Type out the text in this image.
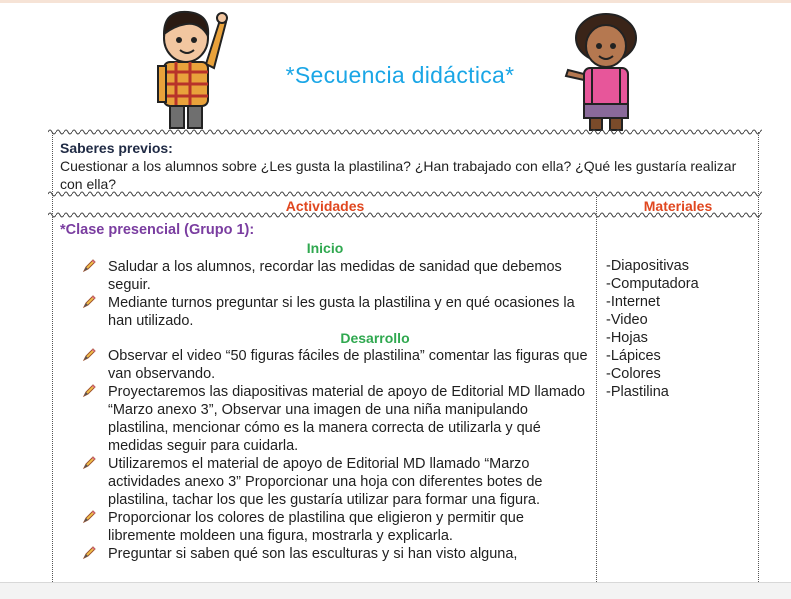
*Secuencia didáctica*
Saberes previos:
Cuestionar a los alumnos sobre ¿Les gusta la plastilina? ¿Han trabajado con ella? ¿Qué les gustaría realizar con ella?
Actividades	Materiales
*Clase presencial (Grupo 1):
Inicio
Saludar a los alumnos, recordar las medidas de sanidad que debemos seguir.
Mediante turnos preguntar si les gusta la plastilina y en qué ocasiones la han utilizado.
Desarrollo
Observar el video “50 figuras fáciles de plastilina” comentar las figuras que van observando.
Proyectaremos las diapositivas material de apoyo de Editorial MD llamado “Marzo anexo 3”, Observar una imagen de una niña manipulando plastilina, mencionar cómo es la manera correcta de utilizarla y qué medidas seguir para cuidarla.
Utilizaremos el material de apoyo de Editorial MD llamado “Marzo actividades anexo 3” Proporcionar una hoja con diferentes botes de plastilina, tachar los que les gustaría utilizar para formar una figura.
Proporcionar los colores de plastilina que eligieron y permitir que libremente moldeen una figura, mostrarla y explicarla.
Preguntar si saben qué son las esculturas y si han visto alguna,
-Diapositivas
-Computadora
-Internet
-Video
-Hojas
-Lápices
-Colores
-Plastilina
